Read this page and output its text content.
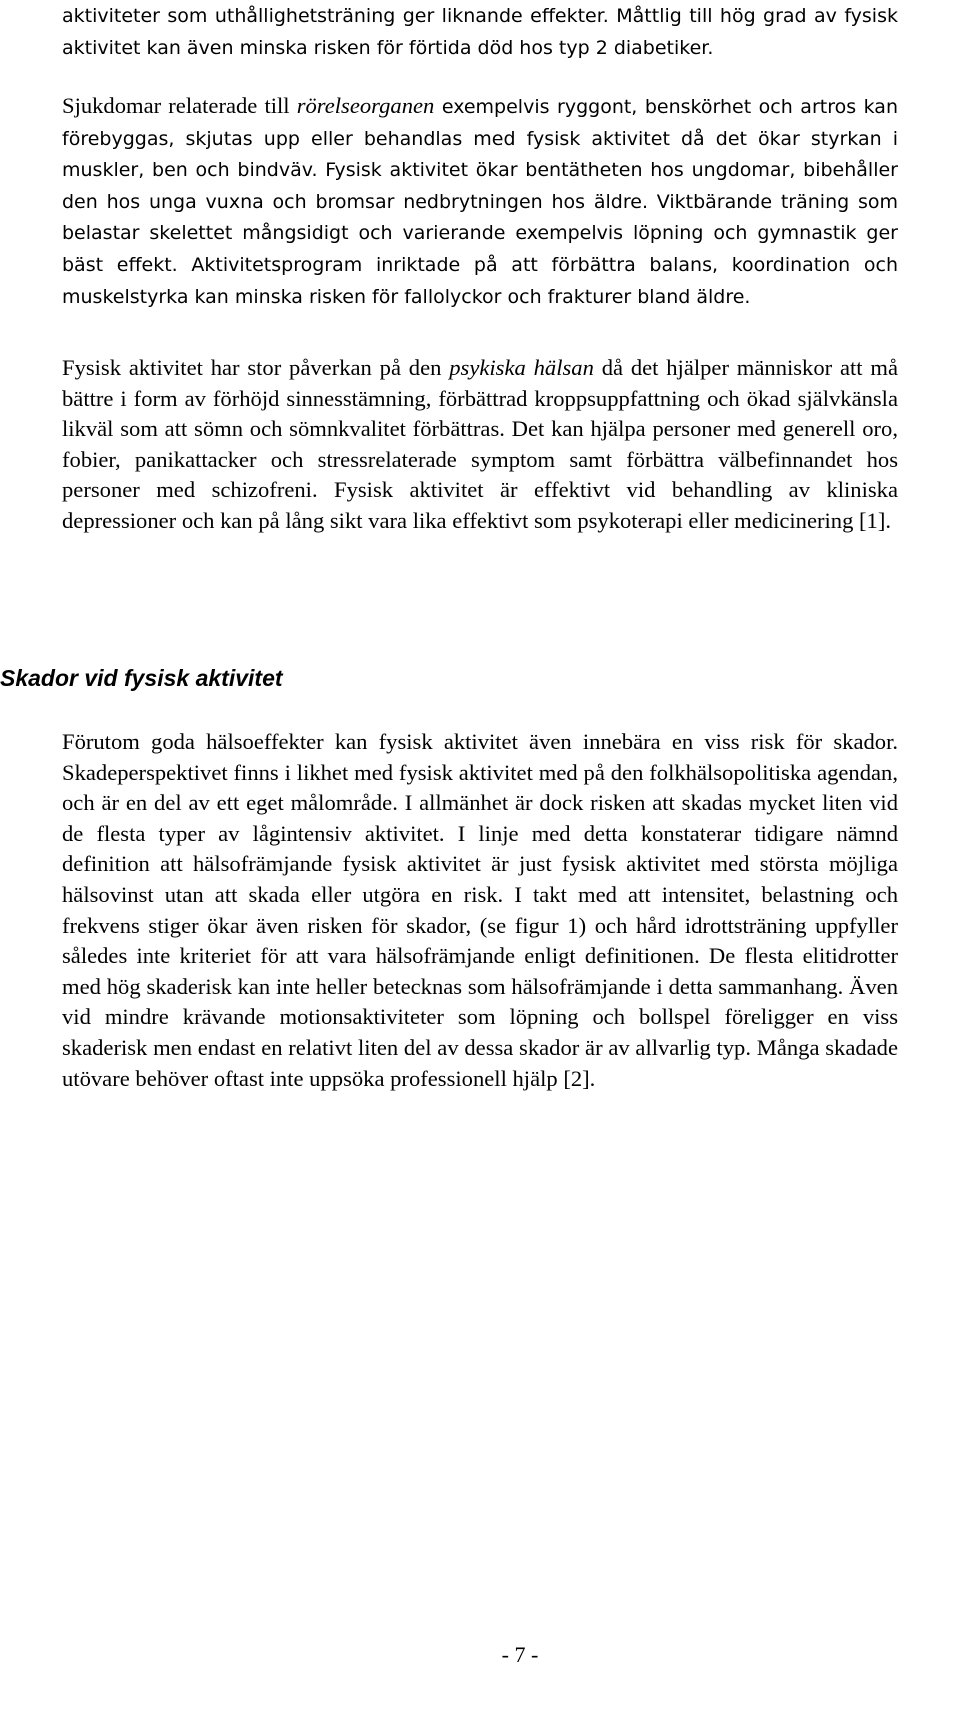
aktiviteter som uthållighetsträning ger liknande effekter. Måttlig till hög grad av fysisk aktivitet kan även minska risken för förtida död hos typ 2 diabetiker.

Sjukdomar relaterade till rörelseorganen exempelvis ryggont, benskörhet och artros kan förebyggas, skjutas upp eller behandlas med fysisk aktivitet då det ökar styrkan i muskler, ben och bindväv. Fysisk aktivitet ökar bentätheten hos ungdomar, bibehåller den hos unga vuxna och bromsar nedbrytningen hos äldre. Viktbärande träning som belastar skelettet mångsidigt och varierande exempelvis löpning och gymnastik ger bäst effekt. Aktivitetsprogram inriktade på att förbättra balans, koordination och muskelstyrka kan minska risken för fallolyckor och frakturer bland äldre.

Fysisk aktivitet har stor påverkan på den psykiska hälsan då det hjälper människor att må bättre i form av förhöjd sinnesstämning, förbättrad kroppsuppfattning och ökad självkänsla likväl som att sömn och sömnkvalitet förbättras. Det kan hjälpa personer med generell oro, fobier, panikattacker och stressrelaterade symptom samt förbättra välbefinnandet hos personer med schizofreni. Fysisk aktivitet är effektivt vid behandling av kliniska depressioner och kan på lång sikt vara lika effektivt som psykoterapi eller medicinering [1].

Skador vid fysisk aktivitet

Förutom goda hälsoeffekter kan fysisk aktivitet även innebära en viss risk för skador. Skadeperspektivet finns i likhet med fysisk aktivitet med på den folkhälsopolitiska agendan, och är en del av ett eget målområde. I allmänhet är dock risken att skadas mycket liten vid de flesta typer av lågintensiv aktivitet. I linje med detta konstaterar tidigare nämnd definition att hälsofrämjande fysisk aktivitet är just fysisk aktivitet med största möjliga hälsovinst utan att skada eller utgöra en risk. I takt med att intensitet, belastning och frekvens stiger ökar även risken för skador, (se figur 1) och hård idrottsträning uppfyller således inte kriteriet för att vara hälsofrämjande enligt definitionen. De flesta elitidrotter med hög skaderisk kan inte heller betecknas som hälsofrämjande i detta sammanhang. Även vid mindre krävande motionsaktiviteter som löpning och bollspel föreligger en viss skaderisk men endast en relativt liten del av dessa skador är av allvarlig typ. Många skadade utövare behöver oftast inte uppsöka professionell hjälp [2].

- 7 -
